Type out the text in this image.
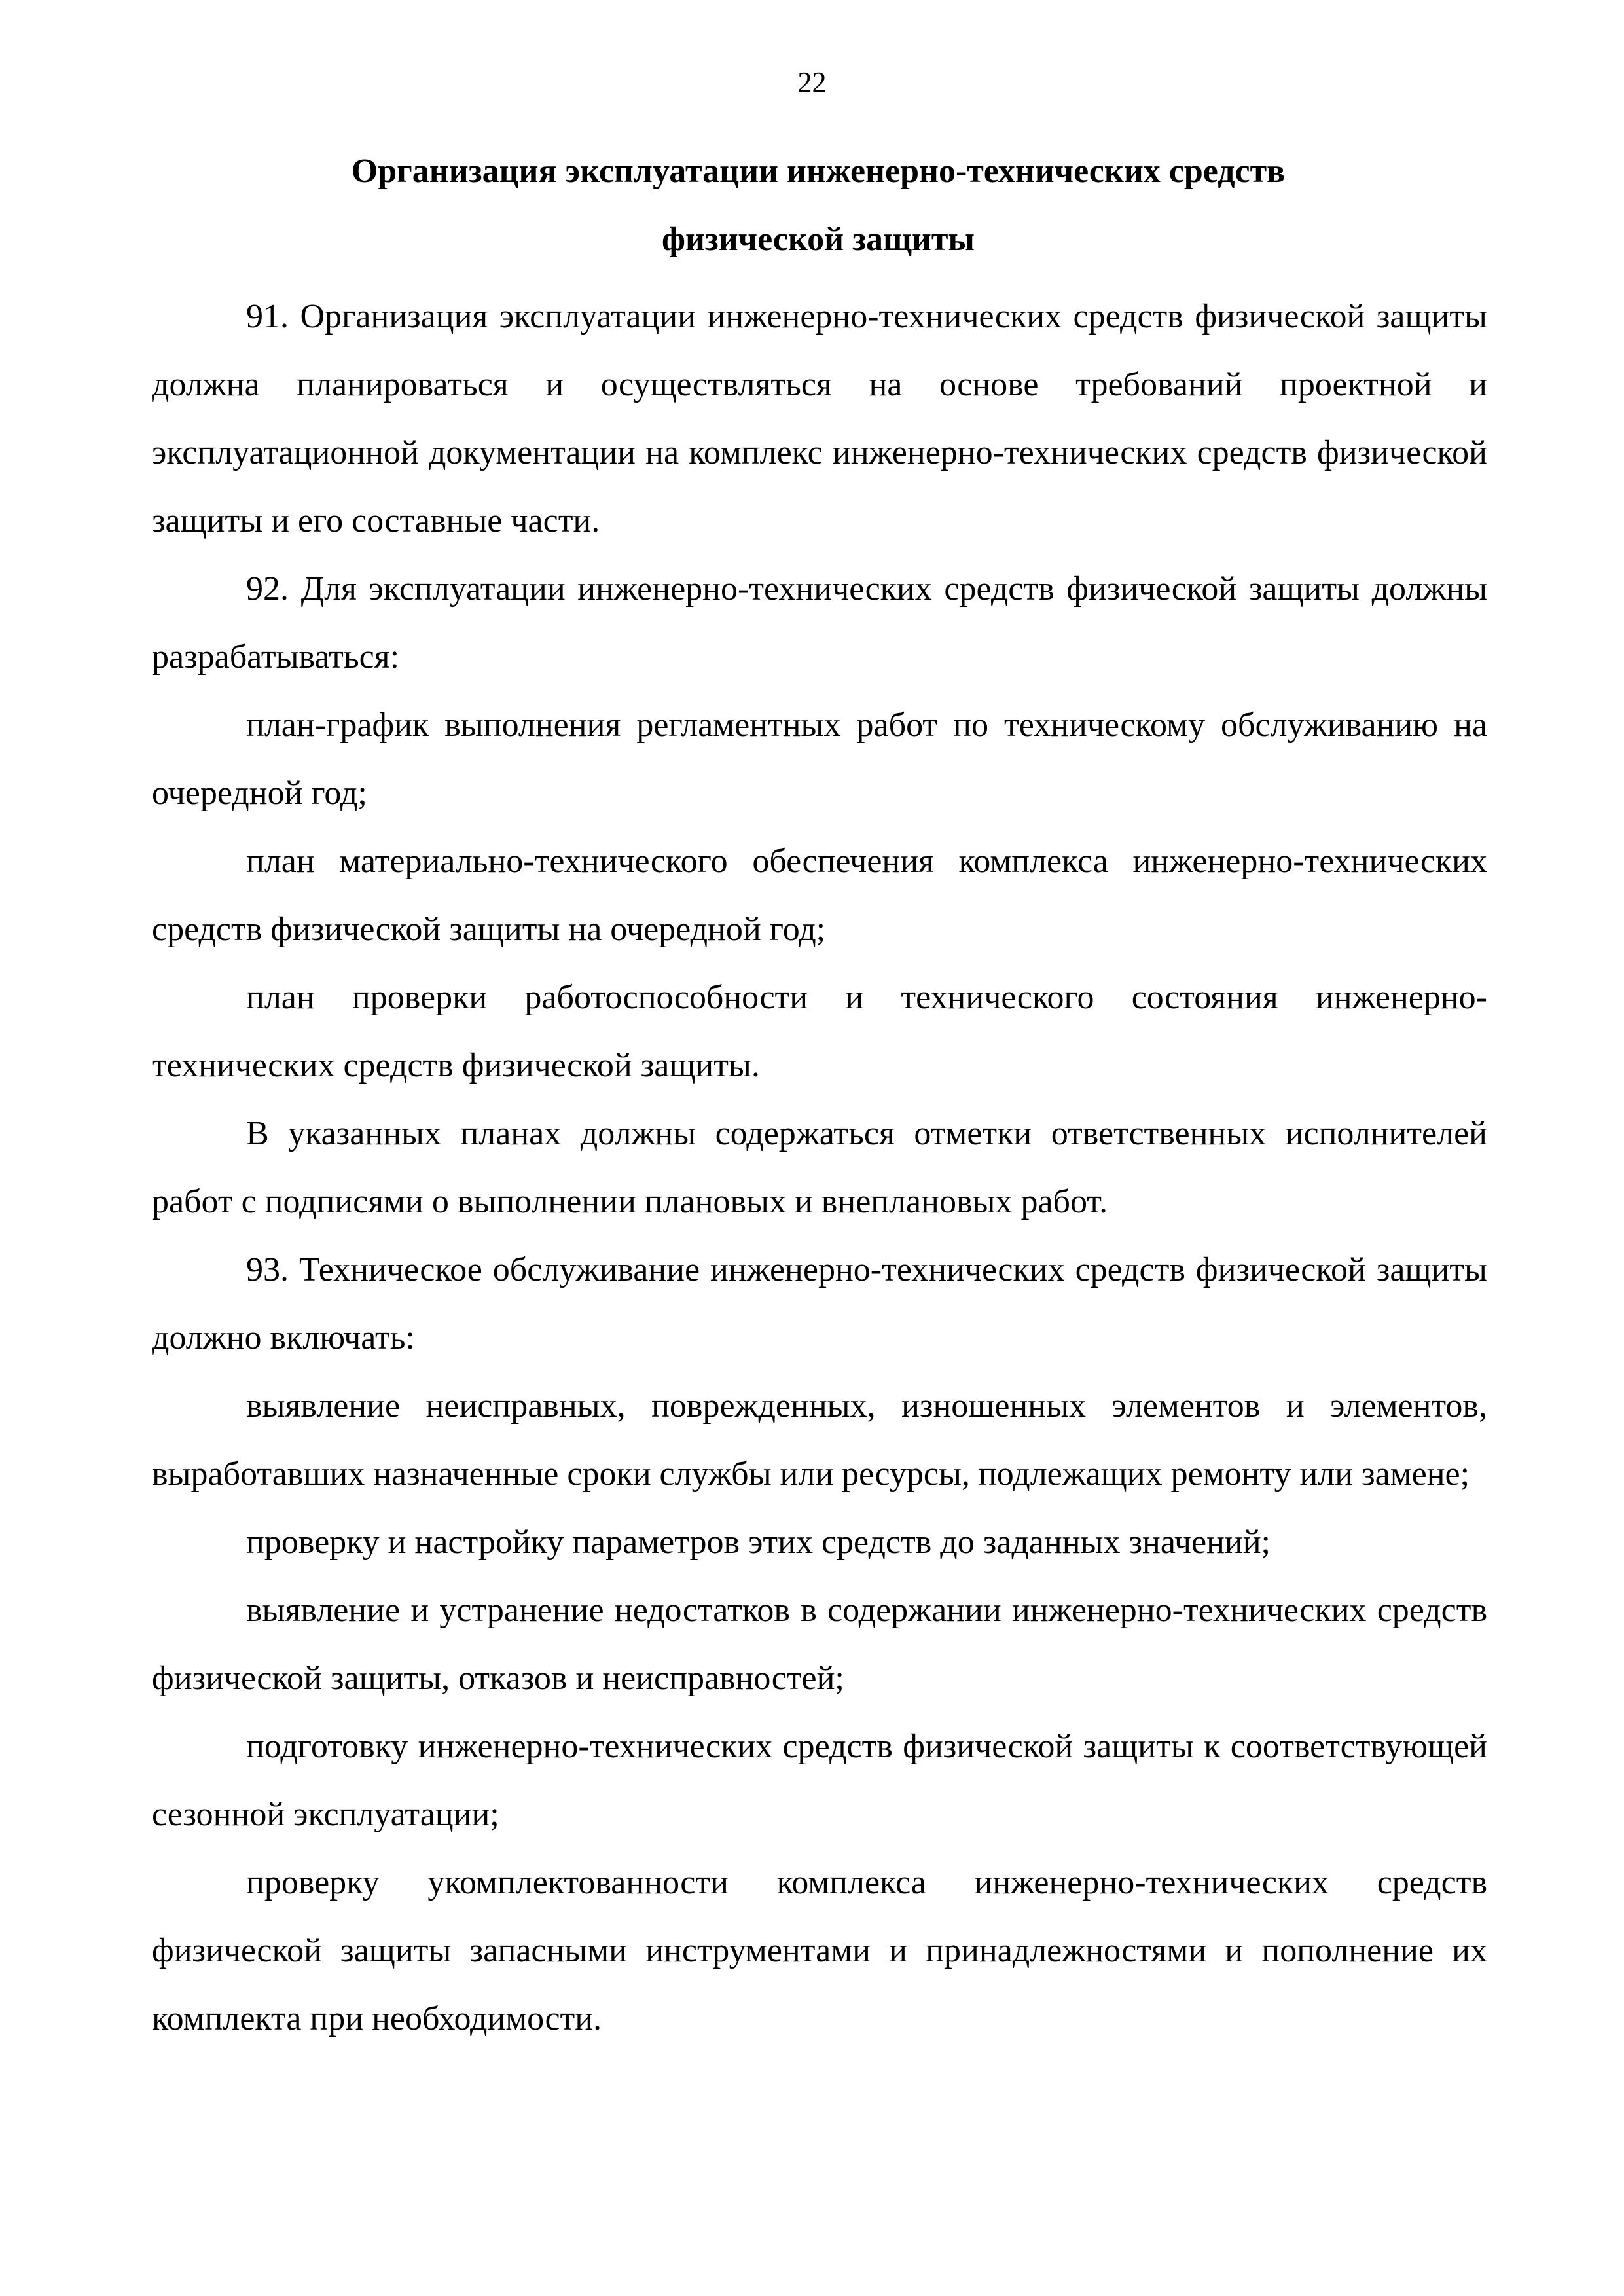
22
Организация эксплуатации инженерно-технических средств
физической защиты

91. Организация эксплуатации инженерно-технических средств физической защиты должна планироваться и осуществляться на основе требований проектной и эксплуатационной документации на комплекс инженерно-технических средств физической защиты и его составные части.

92. Для эксплуатации инженерно-технических средств физической защиты должны разрабатываться:

план-график выполнения регламентных работ по техническому обслуживанию на очередной год;

план материально-технического обеспечения комплекса инженерно-технических средств физической защиты на очередной год;

план проверки работоспособности и технического состояния инженерно-технических средств физической защиты.

В указанных планах должны содержаться отметки ответственных исполнителей работ с подписями о выполнении плановых и внеплановых работ.

93. Техническое обслуживание инженерно-технических средств физической защиты должно включать:

выявление неисправных, поврежденных, изношенных элементов и элементов, выработавших назначенные сроки службы или ресурсы, подлежащих ремонту или замене;

проверку и настройку параметров этих средств до заданных значений;

выявление и устранение недостатков в содержании инженерно-технических средств физической защиты, отказов и неисправностей;

подготовку инженерно-технических средств физической защиты к соответствующей сезонной эксплуатации;

проверку укомплектованности комплекса инженерно-технических средств физической защиты запасными инструментами и принадлежностями и пополнение их комплекта при необходимости.
